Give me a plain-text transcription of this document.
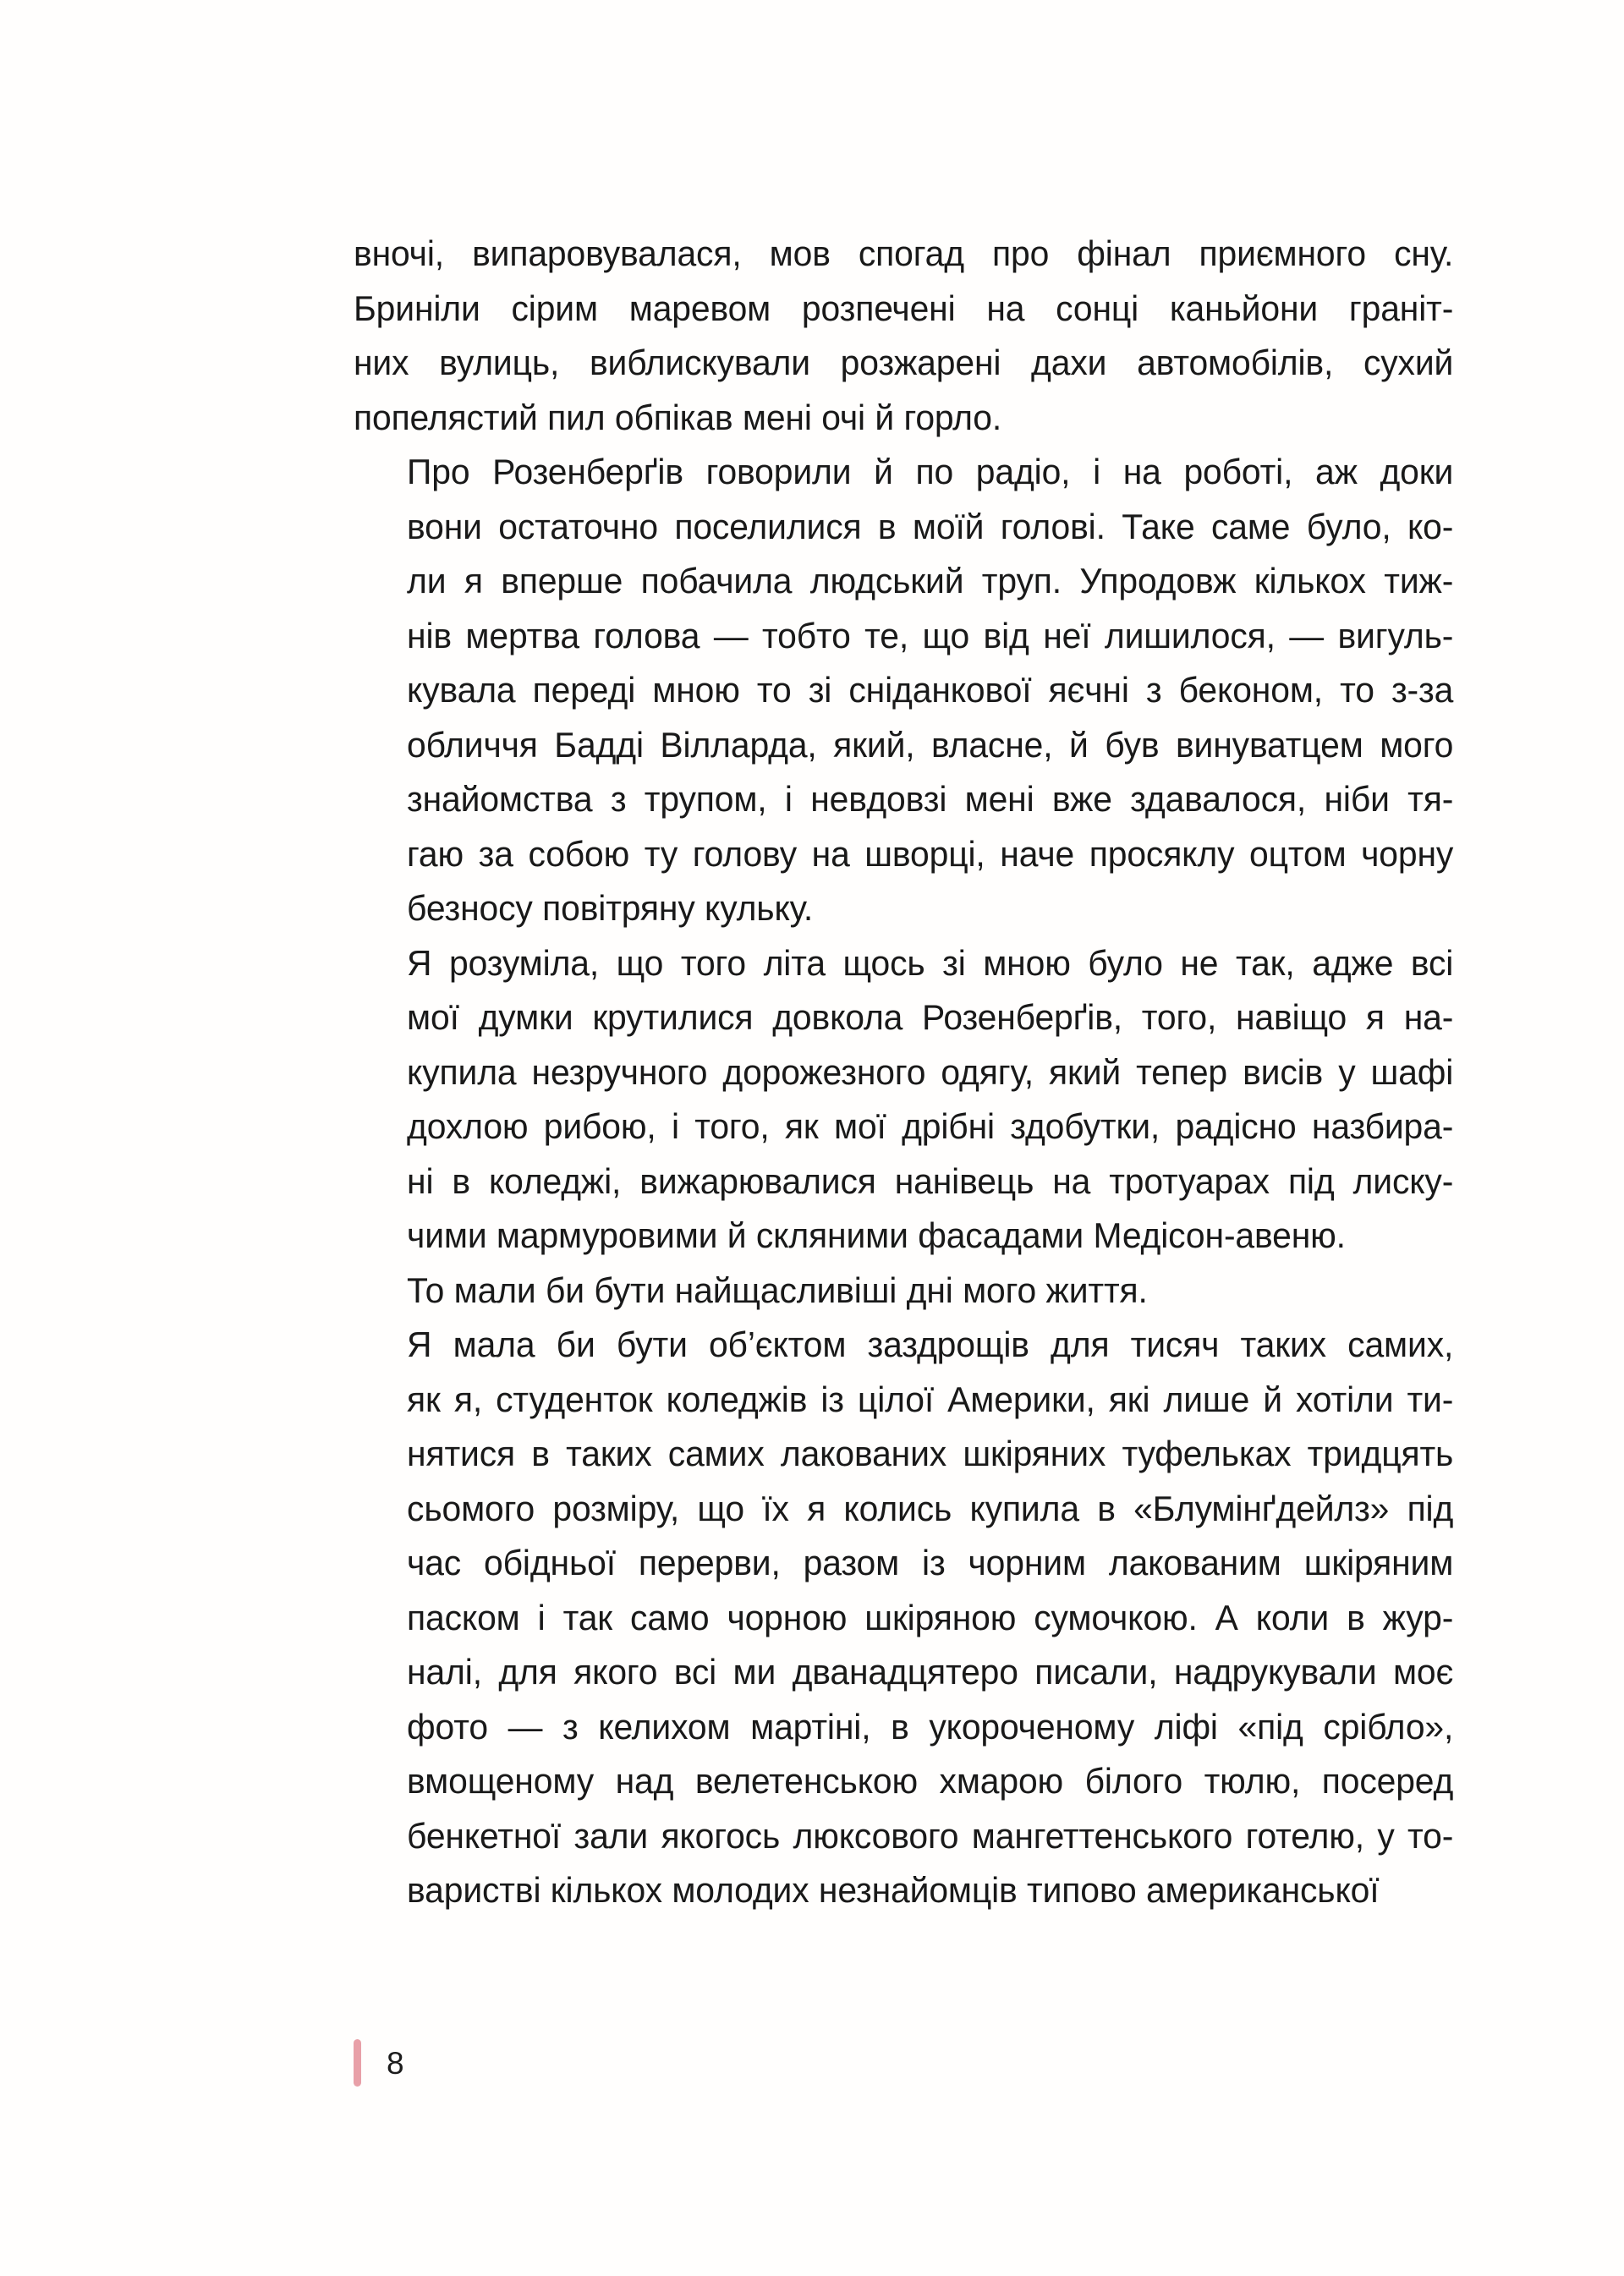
вночі, випаровувалася, мов спогад про фінал приємного сну.
Бриніли сірим маревом розпечені на сонці каньйони граніт-
них вулиць, виблискували розжарені дахи автомобілів, сухий
попелястий пил обпікав мені очі й горло.
Про Розенберґів говорили й по радіо, і на роботі, аж доки
вони остаточно поселилися в моїй голові. Таке саме було, ко-
ли я вперше побачила людський труп. Упродовж кількох тиж-
нів мертва голова — тобто те, що від неї лишилося, — вигуль-
кувала переді мною то зі сніданкової яєчні з беконом, то з-за
обличчя Бадді Вілларда, який, власне, й був винуватцем мого
знайомства з трупом, і невдовзі мені вже здавалося, ніби тя-
гаю за собою ту голову на шворці, наче просяклу оцтом чорну
безносу повітряну кульку.
Я розуміла, що того літа щось зі мною було не так, адже всі
мої думки крутилися довкола Розенберґів, того, навіщо я на-
купила незручного дорожезного одягу, який тепер висів у шафі
дохлою рибою, і того, як мої дрібні здобутки, радісно назбира-
ні в коледжі, вижарювалися нанівець на тротуарах під лиску-
чими мармуровими й скляними фасадами Медісон-авеню.
То мали би бути найщасливіші дні мого життя.
Я мала би бути об’єктом заздрощів для тисяч таких самих,
як я, студенток коледжів із цілої Америки, які лише й хотіли ти-
нятися в таких самих лакованих шкіряних туфельках тридцять
сьомого розміру, що їх я колись купила в «Блумінґдейлз» під
час обідньої перерви, разом із чорним лакованим шкіряним
паском і так само чорною шкіряною сумочкою. А коли в жур-
налі, для якого всі ми дванадцятеро писали, надрукували моє
фото — з келихом мартіні, в укороченому ліфі «під срібло»,
вмощеному над велетенською хмарою білого тюлю, посеред
бенкетної зали якогось люксового мангеттенського готелю, у то-
варистві кількох молодих незнайомців типово американської
8
